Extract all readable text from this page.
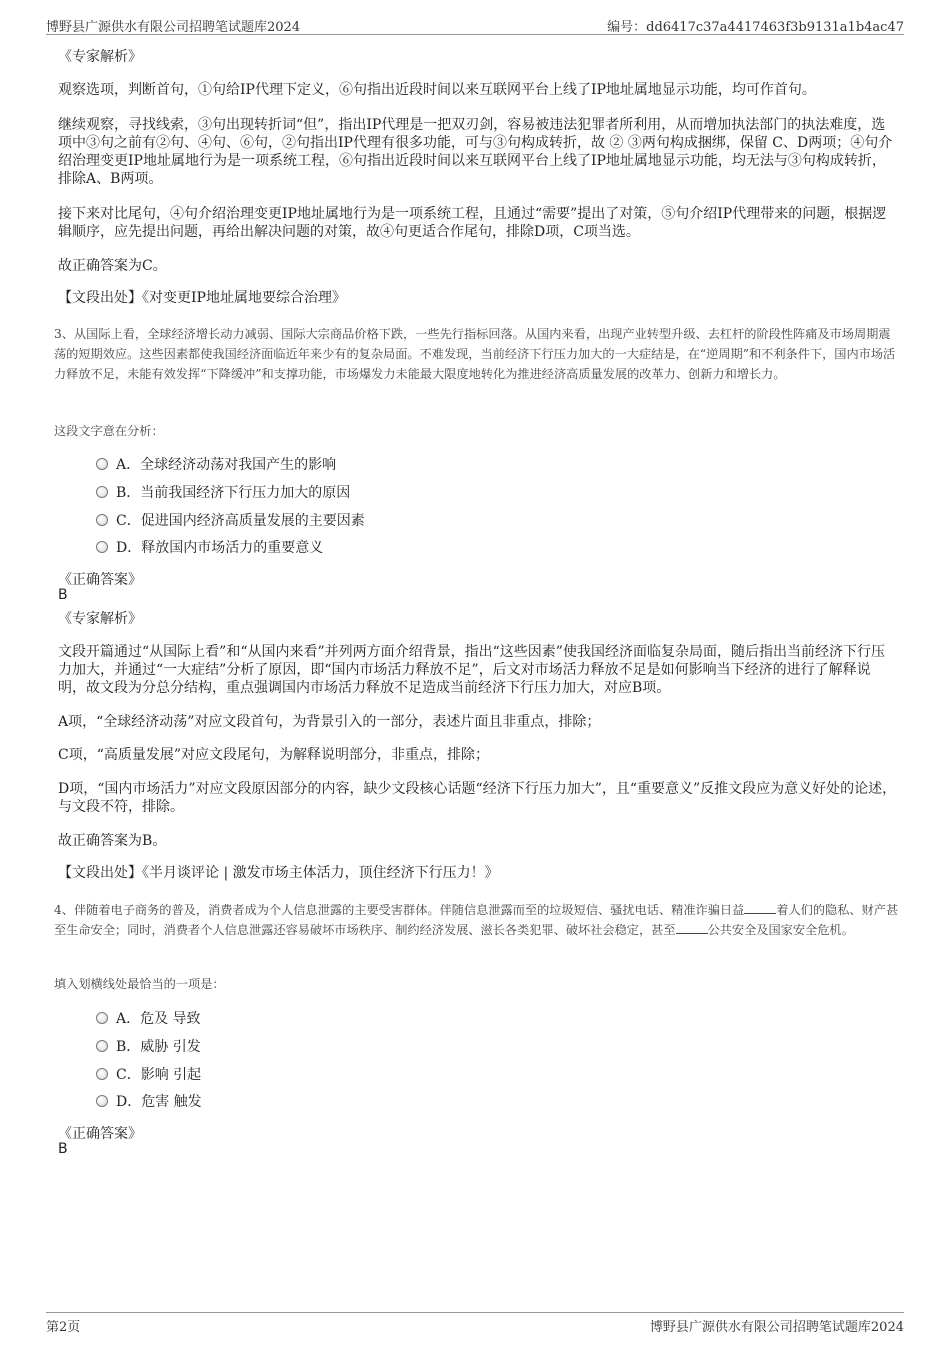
博野县广源供水有限公司招聘笔试题库2024	编号：dd6417c37a4417463f3b9131a1b4ac47
《专家解析》

观察选项，判断首句，①句给IP代理下定义，⑥句指出近段时间以来互联网平台上线了IP地址属地显示功能，均可作首句。

继续观察，寻找线索，③句出现转折词“但”，指出IP代理是一把双刃剑，容易被违法犯罪者所利用，从而增加执法部门的执法难度，选项中③句之前有②句、④句、⑥句，②句指出IP代理有很多功能，可与③句构成转折，故 ② ③两句构成捆绑，保留 C、D两项；④句介绍治理变更IP地址属地行为是一项系统工程，⑥句指出近段时间以来互联网平台上线了IP地址属地显示功能，均无法与③句构成转折，排除A、B两项。

接下来对比尾句，④句介绍治理变更IP地址属地行为是一项系统工程，且通过“需要”提出了对策，⑤句介绍IP代理带来的问题，根据逻辑顺序，应先提出问题，再给出解决问题的对策，故④句更适合作尾句，排除D项，C项当选。

故正确答案为C。
【文段出处】《对变更IP地址属地要综合治理》

3、从国际上看，全球经济增长动力减弱、国际大宗商品价格下跌，一些先行指标回落。从国内来看，出现产业转型升级、去杠杆的阶段性阵痛及市场周期震荡的短期效应。这些因素都使我国经济面临近年来少有的复杂局面。不难发现，当前经济下行压力加大的一大症结是，在“逆周期”和不利条件下，国内市场活力释放不足，未能有效发挥“下降缓冲”和支撑功能，市场爆发力未能最大限度地转化为推进经济高质量发展的改革力、创新力和增长力。

这段文字意在分析：
A．全球经济动荡对我国产生的影响
B．当前我国经济下行压力加大的原因
C．促进国内经济高质量发展的主要因素
D．释放国内市场活力的重要意义
《正确答案》
B
《专家解析》

文段开篇通过“从国际上看”和“从国内来看”并列两方面介绍背景，指出“这些因素”使我国经济面临复杂局面，随后指出当前经济下行压力加大，并通过“一大症结”分析了原因，即“国内市场活力释放不足”，后文对市场活力释放不足是如何影响当下经济的进行了解释说明，故文段为分总分结构，重点强调国内市场活力释放不足造成当前经济下行压力加大，对应B项。

A项，“全球经济动荡”对应文段首句，为背景引入的一部分，表述片面且非重点，排除；

C项，“高质量发展”对应文段尾句，为解释说明部分，非重点，排除；

D项，“国内市场活力”对应文段原因部分的内容，缺少文段核心话题“经济下行压力加大”，且“重要意义”反推文段应为意义好处的论述，与文段不符，排除。

故正确答案为B。
【文段出处】《半月谈评论 | 激发市场主体活力，顶住经济下行压力！》

4、伴随着电子商务的普及，消费者成为个人信息泄露的主要受害群体。伴随信息泄露而至的垃圾短信、骚扰电话、精准诈骗日益	着人们的隐私、财产甚至生命安全；同时，消费者个人信息泄露还容易破坏市场秩序、制约经济发展、滋长各类犯罪、破坏社会稳定，甚至	公共安全及国家安全危机。

填入划横线处最恰当的一项是：
A．危及 导致
B．威胁 引发
C．影响 引起
D．危害 触发
《正确答案》
B
第2页	博野县广源供水有限公司招聘笔试题库2024
